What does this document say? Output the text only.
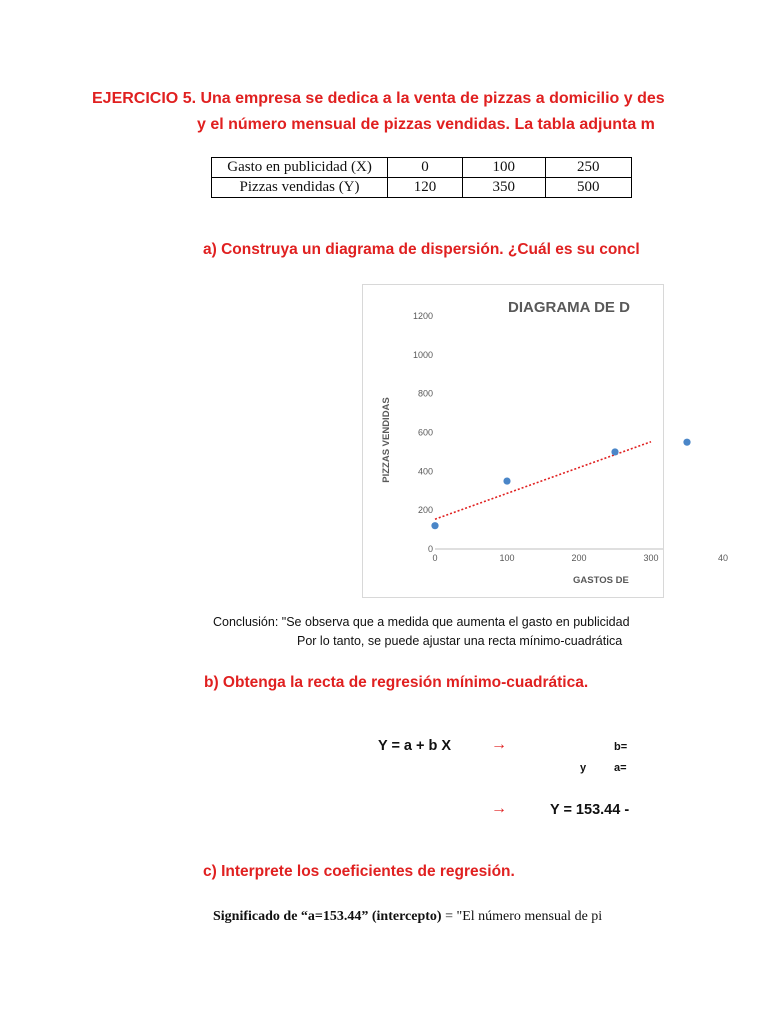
EJERCICIO 5. Una empresa se dedica a la venta de pizzas a domicilio y des
y el número mensual de pizzas vendidas. La tabla adjunta m
Gasto en publicidad (X)	0	100	250
Pizzas vendidas (Y)	120	350	500
a) Construya un diagrama de dispersión. ¿Cuál es su concl
DIAGRAMA DE D
PIZZAS VENDIDAS
GASTOS DE
0
200
400
600
800
1000
1200
0	100	200	300	40
Conclusión: "Se observa que a medida que aumenta el gasto en publicidad
Por lo tanto, se puede ajustar una recta mínimo-cuadrática
b) Obtenga la recta de regresión mínimo-cuadrática.
Y = a + b X →	b=
y	a=
→	Y = 153.44 -
c) Interprete los coeficientes de regresión.
Significado de “a=153.44” (intercepto) = "El número mensual de pi
